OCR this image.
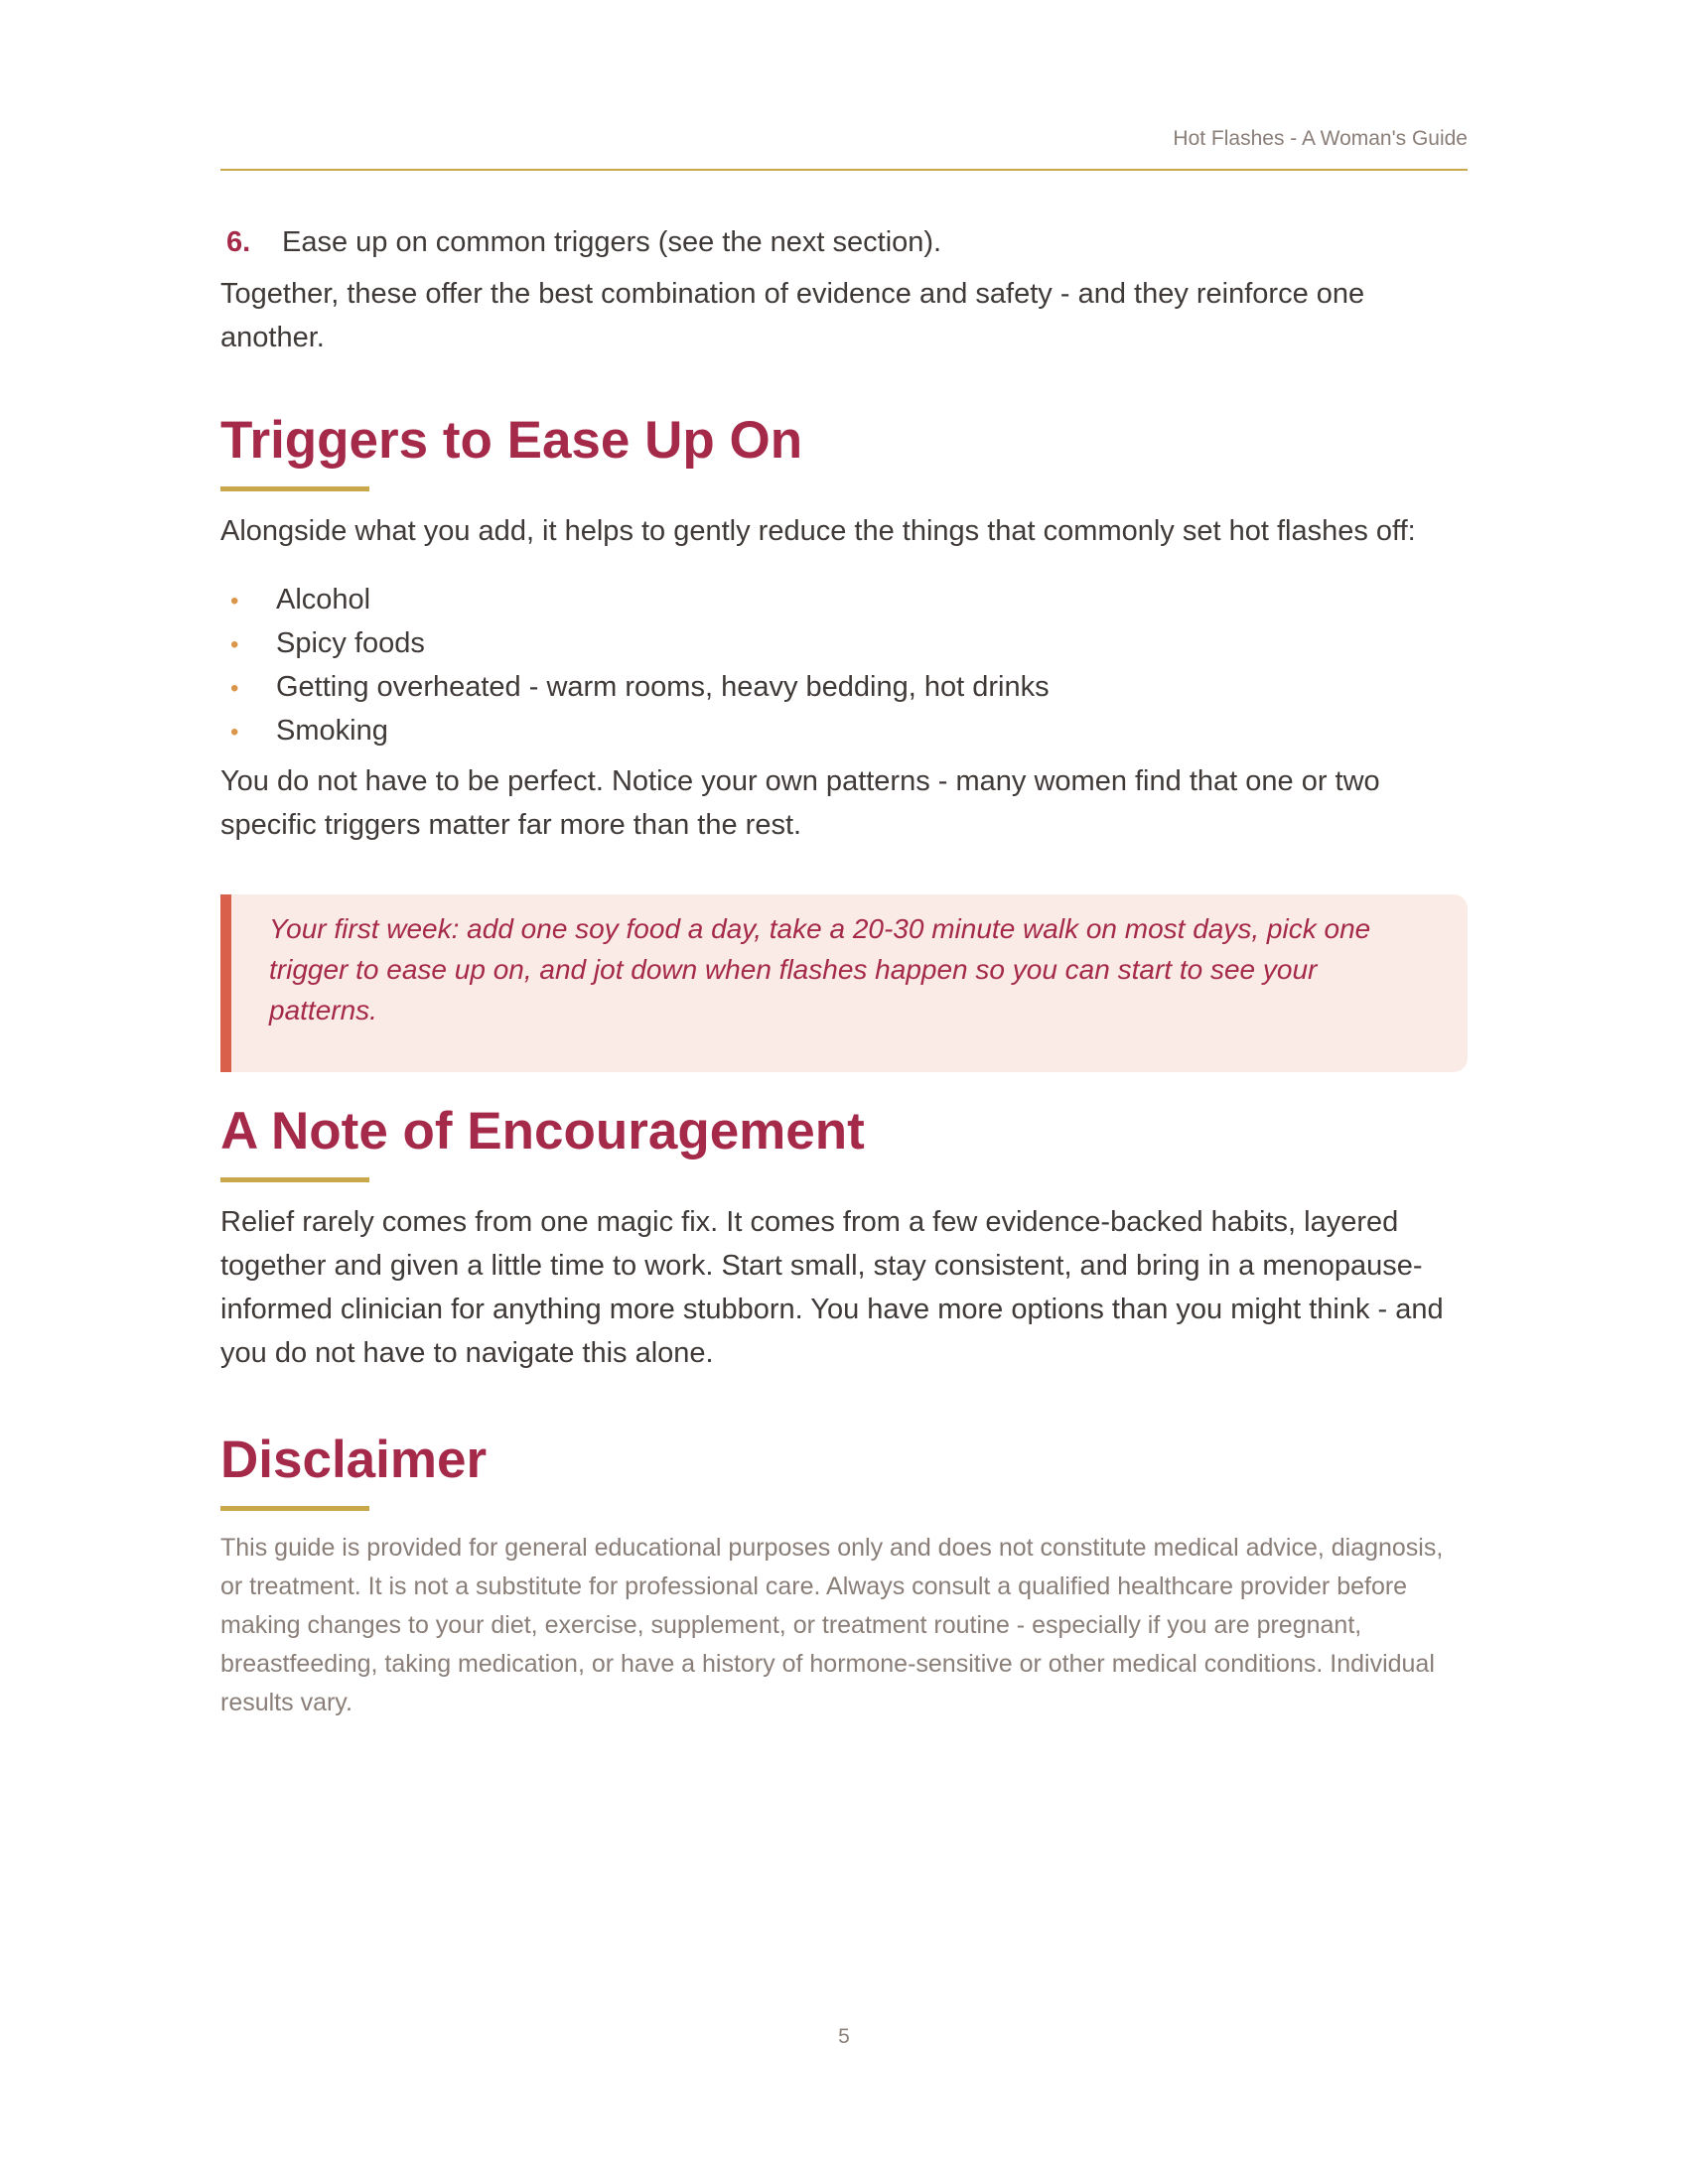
Hot Flashes - A Woman's Guide
6.	Ease up on common triggers (see the next section).

Together, these offer the best combination of evidence and safety - and they reinforce one another.

Triggers to Ease Up On

Alongside what you add, it helps to gently reduce the things that commonly set hot flashes off:

•	Alcohol
•	Spicy foods
•	Getting overheated - warm rooms, heavy bedding, hot drinks
•	Smoking

You do not have to be perfect. Notice your own patterns - many women find that one or two specific triggers matter far more than the rest.

Your first week: add one soy food a day, take a 20-30 minute walk on most days, pick one trigger to ease up on, and jot down when flashes happen so you can start to see your patterns.

A Note of Encouragement

Relief rarely comes from one magic fix. It comes from a few evidence-backed habits, layered together and given a little time to work. Start small, stay consistent, and bring in a menopause-informed clinician for anything more stubborn. You have more options than you might think - and you do not have to navigate this alone.

Disclaimer

This guide is provided for general educational purposes only and does not constitute medical advice, diagnosis, or treatment. It is not a substitute for professional care. Always consult a qualified healthcare provider before making changes to your diet, exercise, supplement, or treatment routine - especially if you are pregnant, breastfeeding, taking medication, or have a history of hormone-sensitive or other medical conditions. Individual results vary.

5
